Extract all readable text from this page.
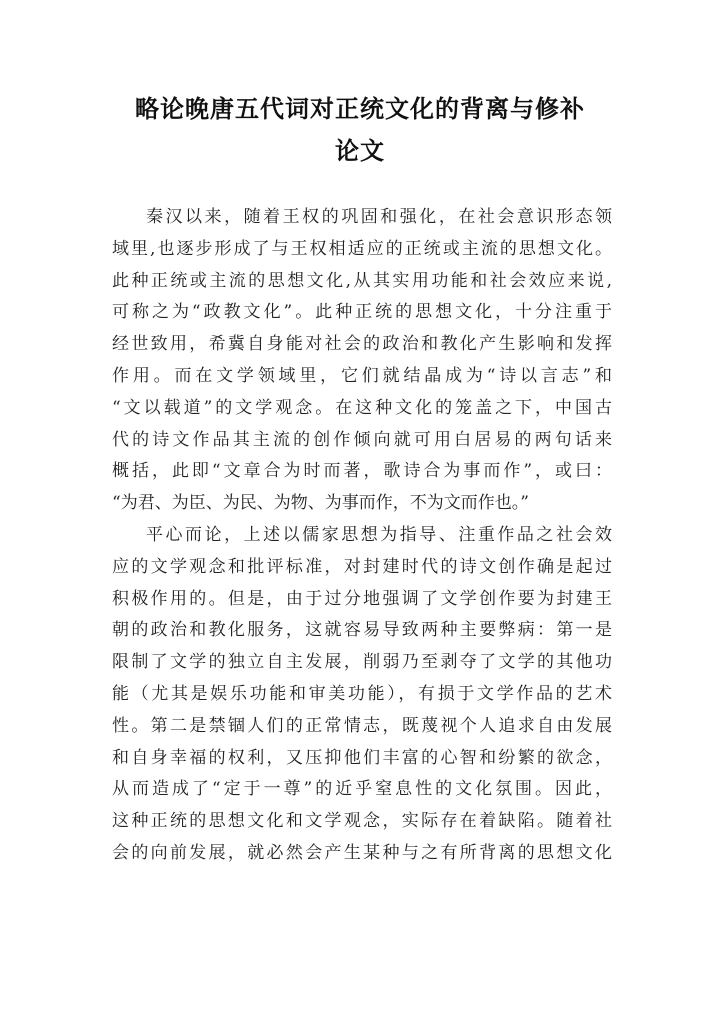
略论晚唐五代词对正统文化的背离与修补
论文

秦汉以来，随着王权的巩固和强化，在社会意识形态领
域里,也逐步形成了与王权相适应的正统或主流的思想文化。
此种正统或主流的思想文化,从其实用功能和社会效应来说,
可称之为“政教文化”。此种正统的思想文化，十分注重于
经世致用，希冀自身能对社会的政治和教化产生影响和发挥
作用。而在文学领域里，它们就结晶成为“诗以言志”和
“文以载道”的文学观念。在这种文化的笼盖之下，中国古
代的诗文作品其主流的创作倾向就可用白居易的两句话来
概括，此即“文章合为时而著，歌诗合为事而作”，或曰：
“为君、为臣、为民、为物、为事而作，不为文而作也。”

平心而论，上述以儒家思想为指导、注重作品之社会效
应的文学观念和批评标准，对封建时代的诗文创作确是起过
积极作用的。但是，由于过分地强调了文学创作要为封建王
朝的政治和教化服务，这就容易导致两种主要弊病：第一是
限制了文学的独立自主发展，削弱乃至剥夺了文学的其他功
能（尤其是娱乐功能和审美功能），有损于文学作品的艺术
性。第二是禁锢人们的正常情志，既蔑视个人追求自由发展
和自身幸福的权利，又压抑他们丰富的心智和纷繁的欲念，
从而造成了“定于一尊”的近乎窒息性的文化氛围。因此，
这种正统的思想文化和文学观念，实际存在着缺陷。随着社
会的向前发展，就必然会产生某种与之有所背离的思想文化
